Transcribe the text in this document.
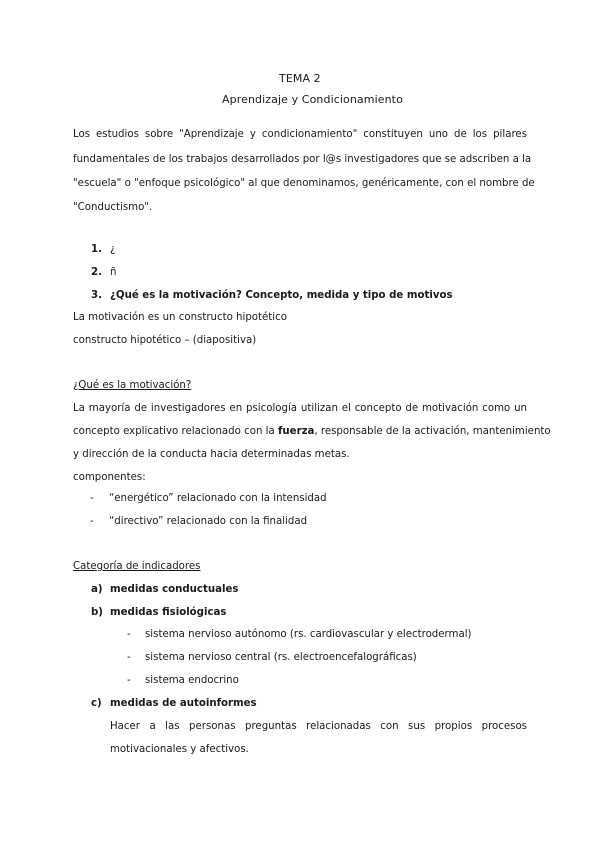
TEMA 2
Aprendizaje y Condicionamiento
Los estudios sobre "Aprendizaje y condicionamiento" constituyen uno de los pilares
fundamentales de los trabajos desarrollados por l@s investigadores que se adscriben a la
"escuela" o "enfoque psicológico" al que denominamos, genéricamente, con el nombre de
"Conductismo".
1. ¿
2. ñ
3. ¿Qué es la motivación? Concepto, medida y tipo de motivos
La motivación es un constructo hipotético
constructo hipotético – (diapositiva)
¿Qué es la motivación?
La mayoría de investigadores en psicología utilizan el concepto de motivación como un
concepto explicativo relacionado con la fuerza, responsable de la activación, mantenimiento
y dirección de la conducta hacia determinadas metas.
componentes:
- “energético” relacionado con la intensidad
- “directivo” relacionado con la finalidad
Categoría de indicadores
a) medidas conductuales
b) medidas fisiológicas
- sistema nervioso autónomo (rs. cardiovascular y electrodermal)
- sistema nervioso central (rs. electroencefalográficas)
- sistema endocrino
c) medidas de autoinformes
Hacer a las personas preguntas relacionadas con sus propios procesos
motivacionales y afectivos.
